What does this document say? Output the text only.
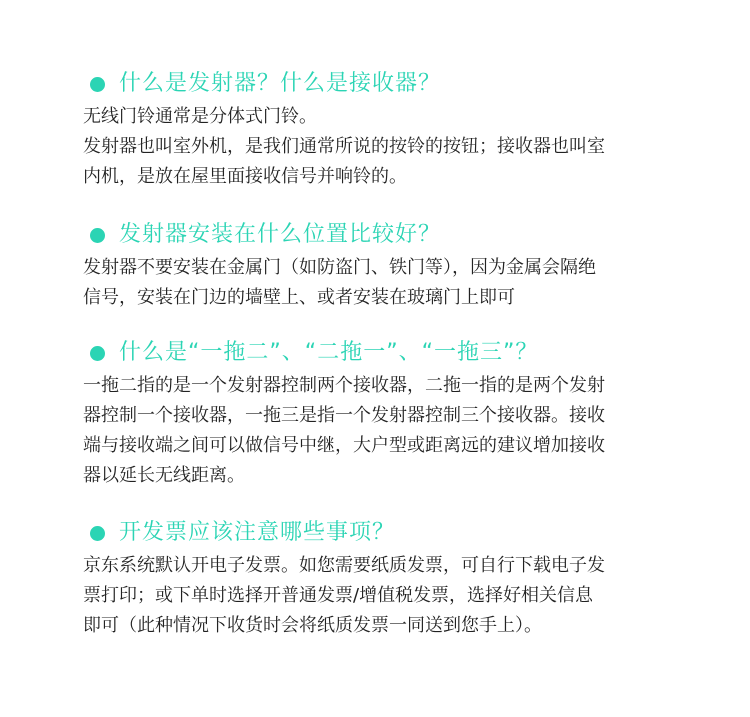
什么是发射器？什么是接收器？

无线门铃通常是分体式门铃。

发射器也叫室外机，是我们通常所说的按铃的按钮；接收器也叫室

内机，是放在屋里面接收信号并响铃的。

发射器安装在什么位置比较好？

发射器不要安装在金属门（如防盗门、铁门等），因为金属会隔绝

信号，安装在门边的墙壁上、或者安装在玻璃门上即可

什么是“一拖二”、“二拖一”、“一拖三”？

一拖二指的是一个发射器控制两个接收器，二拖一指的是两个发射

器控制一个接收器，一拖三是指一个发射器控制三个接收器。接收

端与接收端之间可以做信号中继，大户型或距离远的建议增加接收

器以延长无线距离。

开发票应该注意哪些事项？

京东系统默认开电子发票。如您需要纸质发票，可自行下载电子发

票打印；或下单时选择开普通发票/增值税发票，选择好相关信息

即可（此种情况下收货时会将纸质发票一同送到您手上）。
